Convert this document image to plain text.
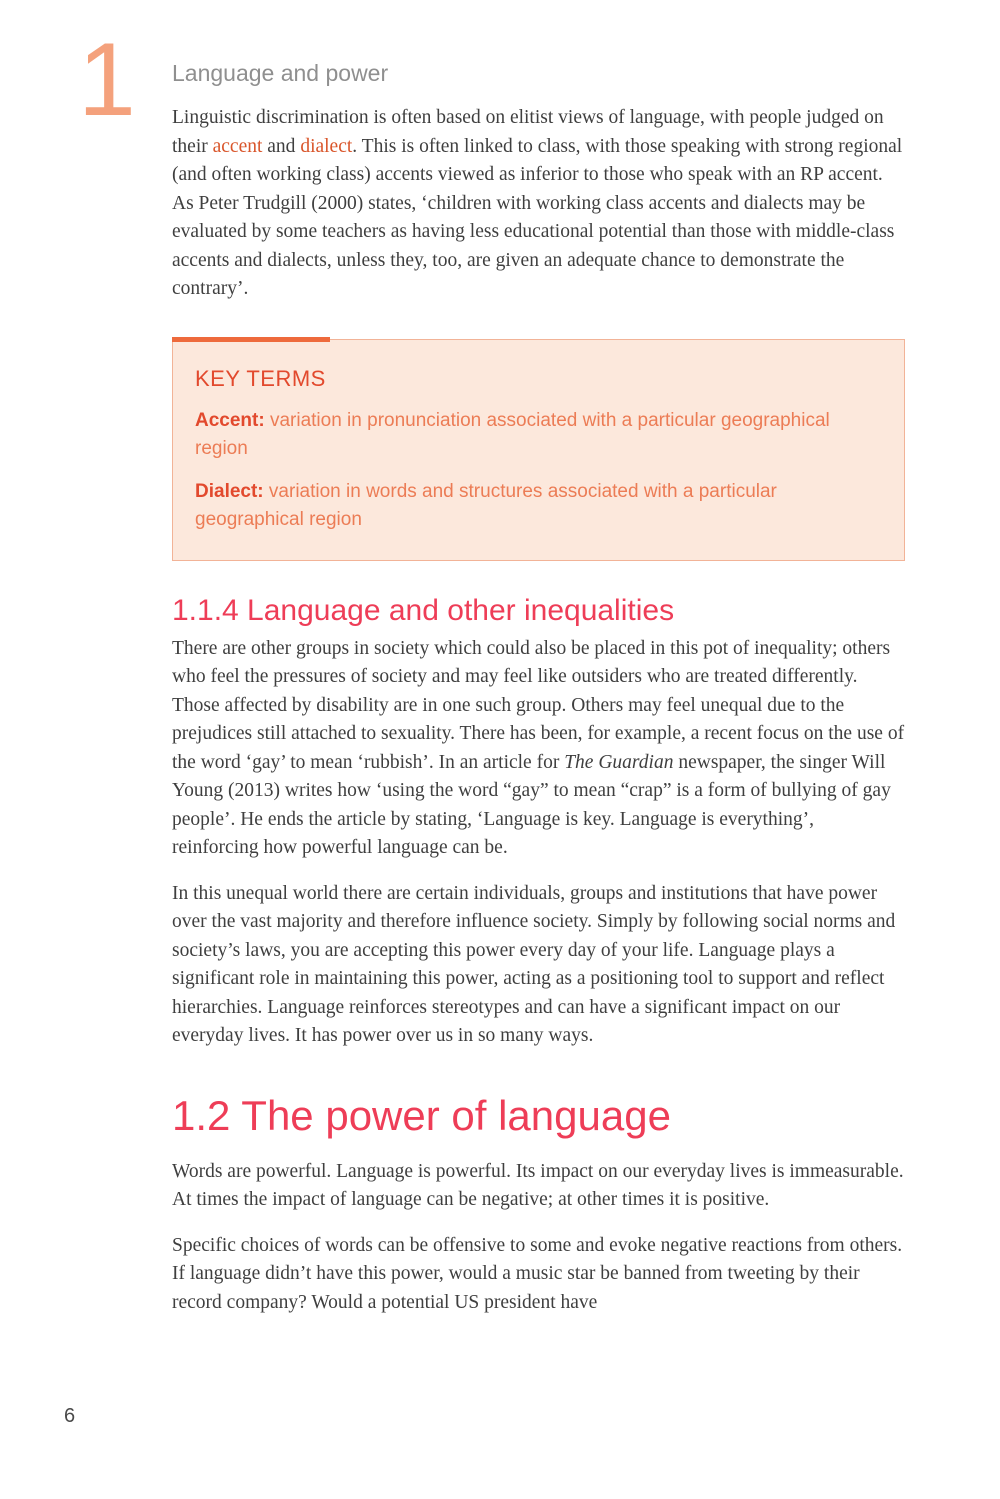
1 Language and power

Linguistic discrimination is often based on elitist views of language, with people judged on their accent and dialect. This is often linked to class, with those speaking with strong regional (and often working class) accents viewed as inferior to those who speak with an RP accent. As Peter Trudgill (2000) states, ‘children with working class accents and dialects may be evaluated by some teachers as having less educational potential than those with middle-class accents and dialects, unless they, too, are given an adequate chance to demonstrate the contrary’.

KEY TERMS

Accent: variation in pronunciation associated with a particular geographical region

Dialect: variation in words and structures associated with a particular geographical region

1.1.4 Language and other inequalities

There are other groups in society which could also be placed in this pot of inequality; others who feel the pressures of society and may feel like outsiders who are treated differently. Those affected by disability are in one such group. Others may feel unequal due to the prejudices still attached to sexuality. There has been, for example, a recent focus on the use of the word ‘gay’ to mean ‘rubbish’. In an article for The Guardian newspaper, the singer Will Young (2013) writes how ‘using the word “gay” to mean “crap” is a form of bullying of gay people’. He ends the article by stating, ‘Language is key. Language is everything’, reinforcing how powerful language can be.

In this unequal world there are certain individuals, groups and institutions that have power over the vast majority and therefore influence society. Simply by following social norms and society’s laws, you are accepting this power every day of your life. Language plays a significant role in maintaining this power, acting as a positioning tool to support and reflect hierarchies. Language reinforces stereotypes and can have a significant impact on our everyday lives. It has power over us in so many ways.

1.2 The power of language

Words are powerful. Language is powerful. Its impact on our everyday lives is immeasurable. At times the impact of language can be negative; at other times it is positive.

Specific choices of words can be offensive to some and evoke negative reactions from others. If language didn’t have this power, would a music star be banned from tweeting by their record company? Would a potential US president have

6
